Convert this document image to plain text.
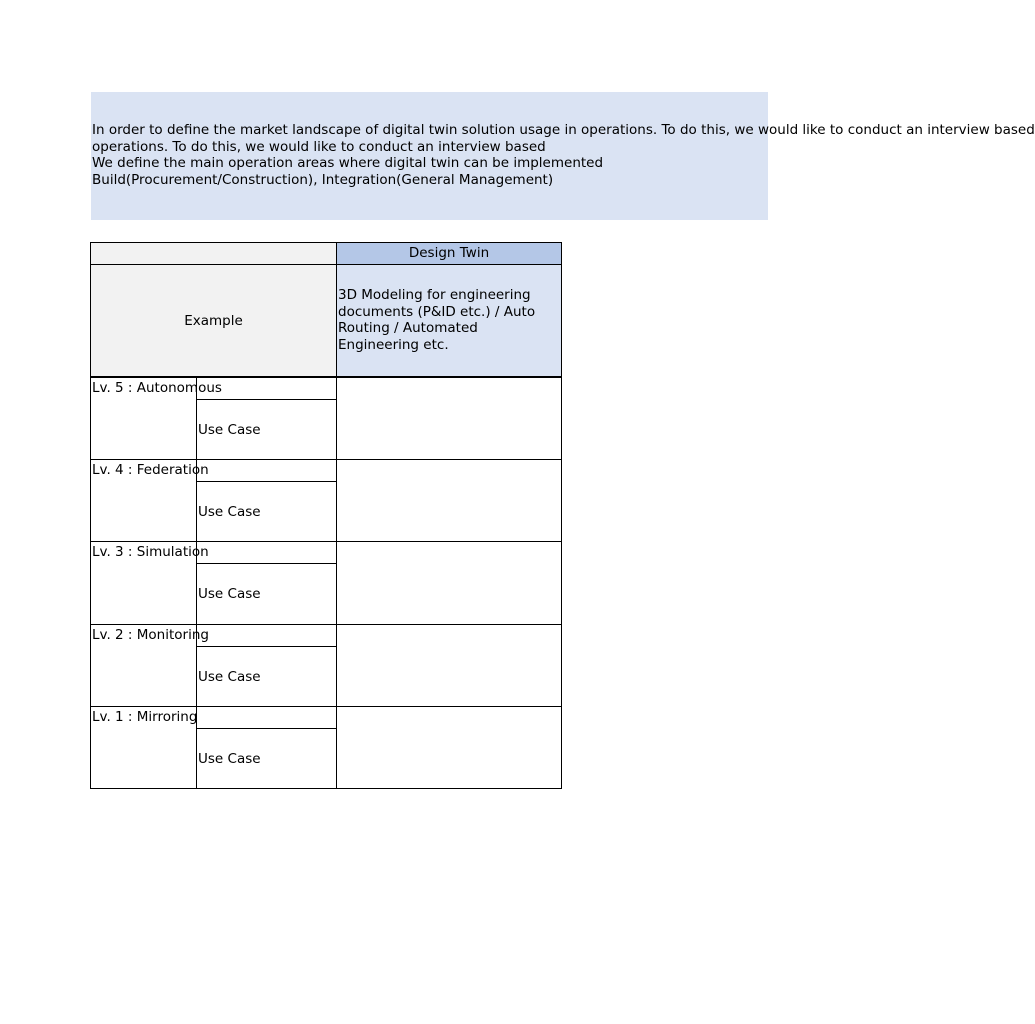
In order to define the market landscape of digital twin solution usage in operations. To do this, we would like to conduct an interview based
operations. To do this, we would like to conduct an interview based
We define the main operation areas where digital twin can be implemented
Build(Procurement/Construction), Integration(General Management)
Design Twin
Example
3D Modeling for engineering documents (P&ID etc.) / Auto Routing / Automated Engineering etc.
Lv. 5 : Autonomous
Use Case
Lv. 4 : Federation
Use Case
Lv. 3 : Simulation
Use Case
Lv. 2 : Monitoring
Use Case
Lv. 1 : Mirroring
Use Case
